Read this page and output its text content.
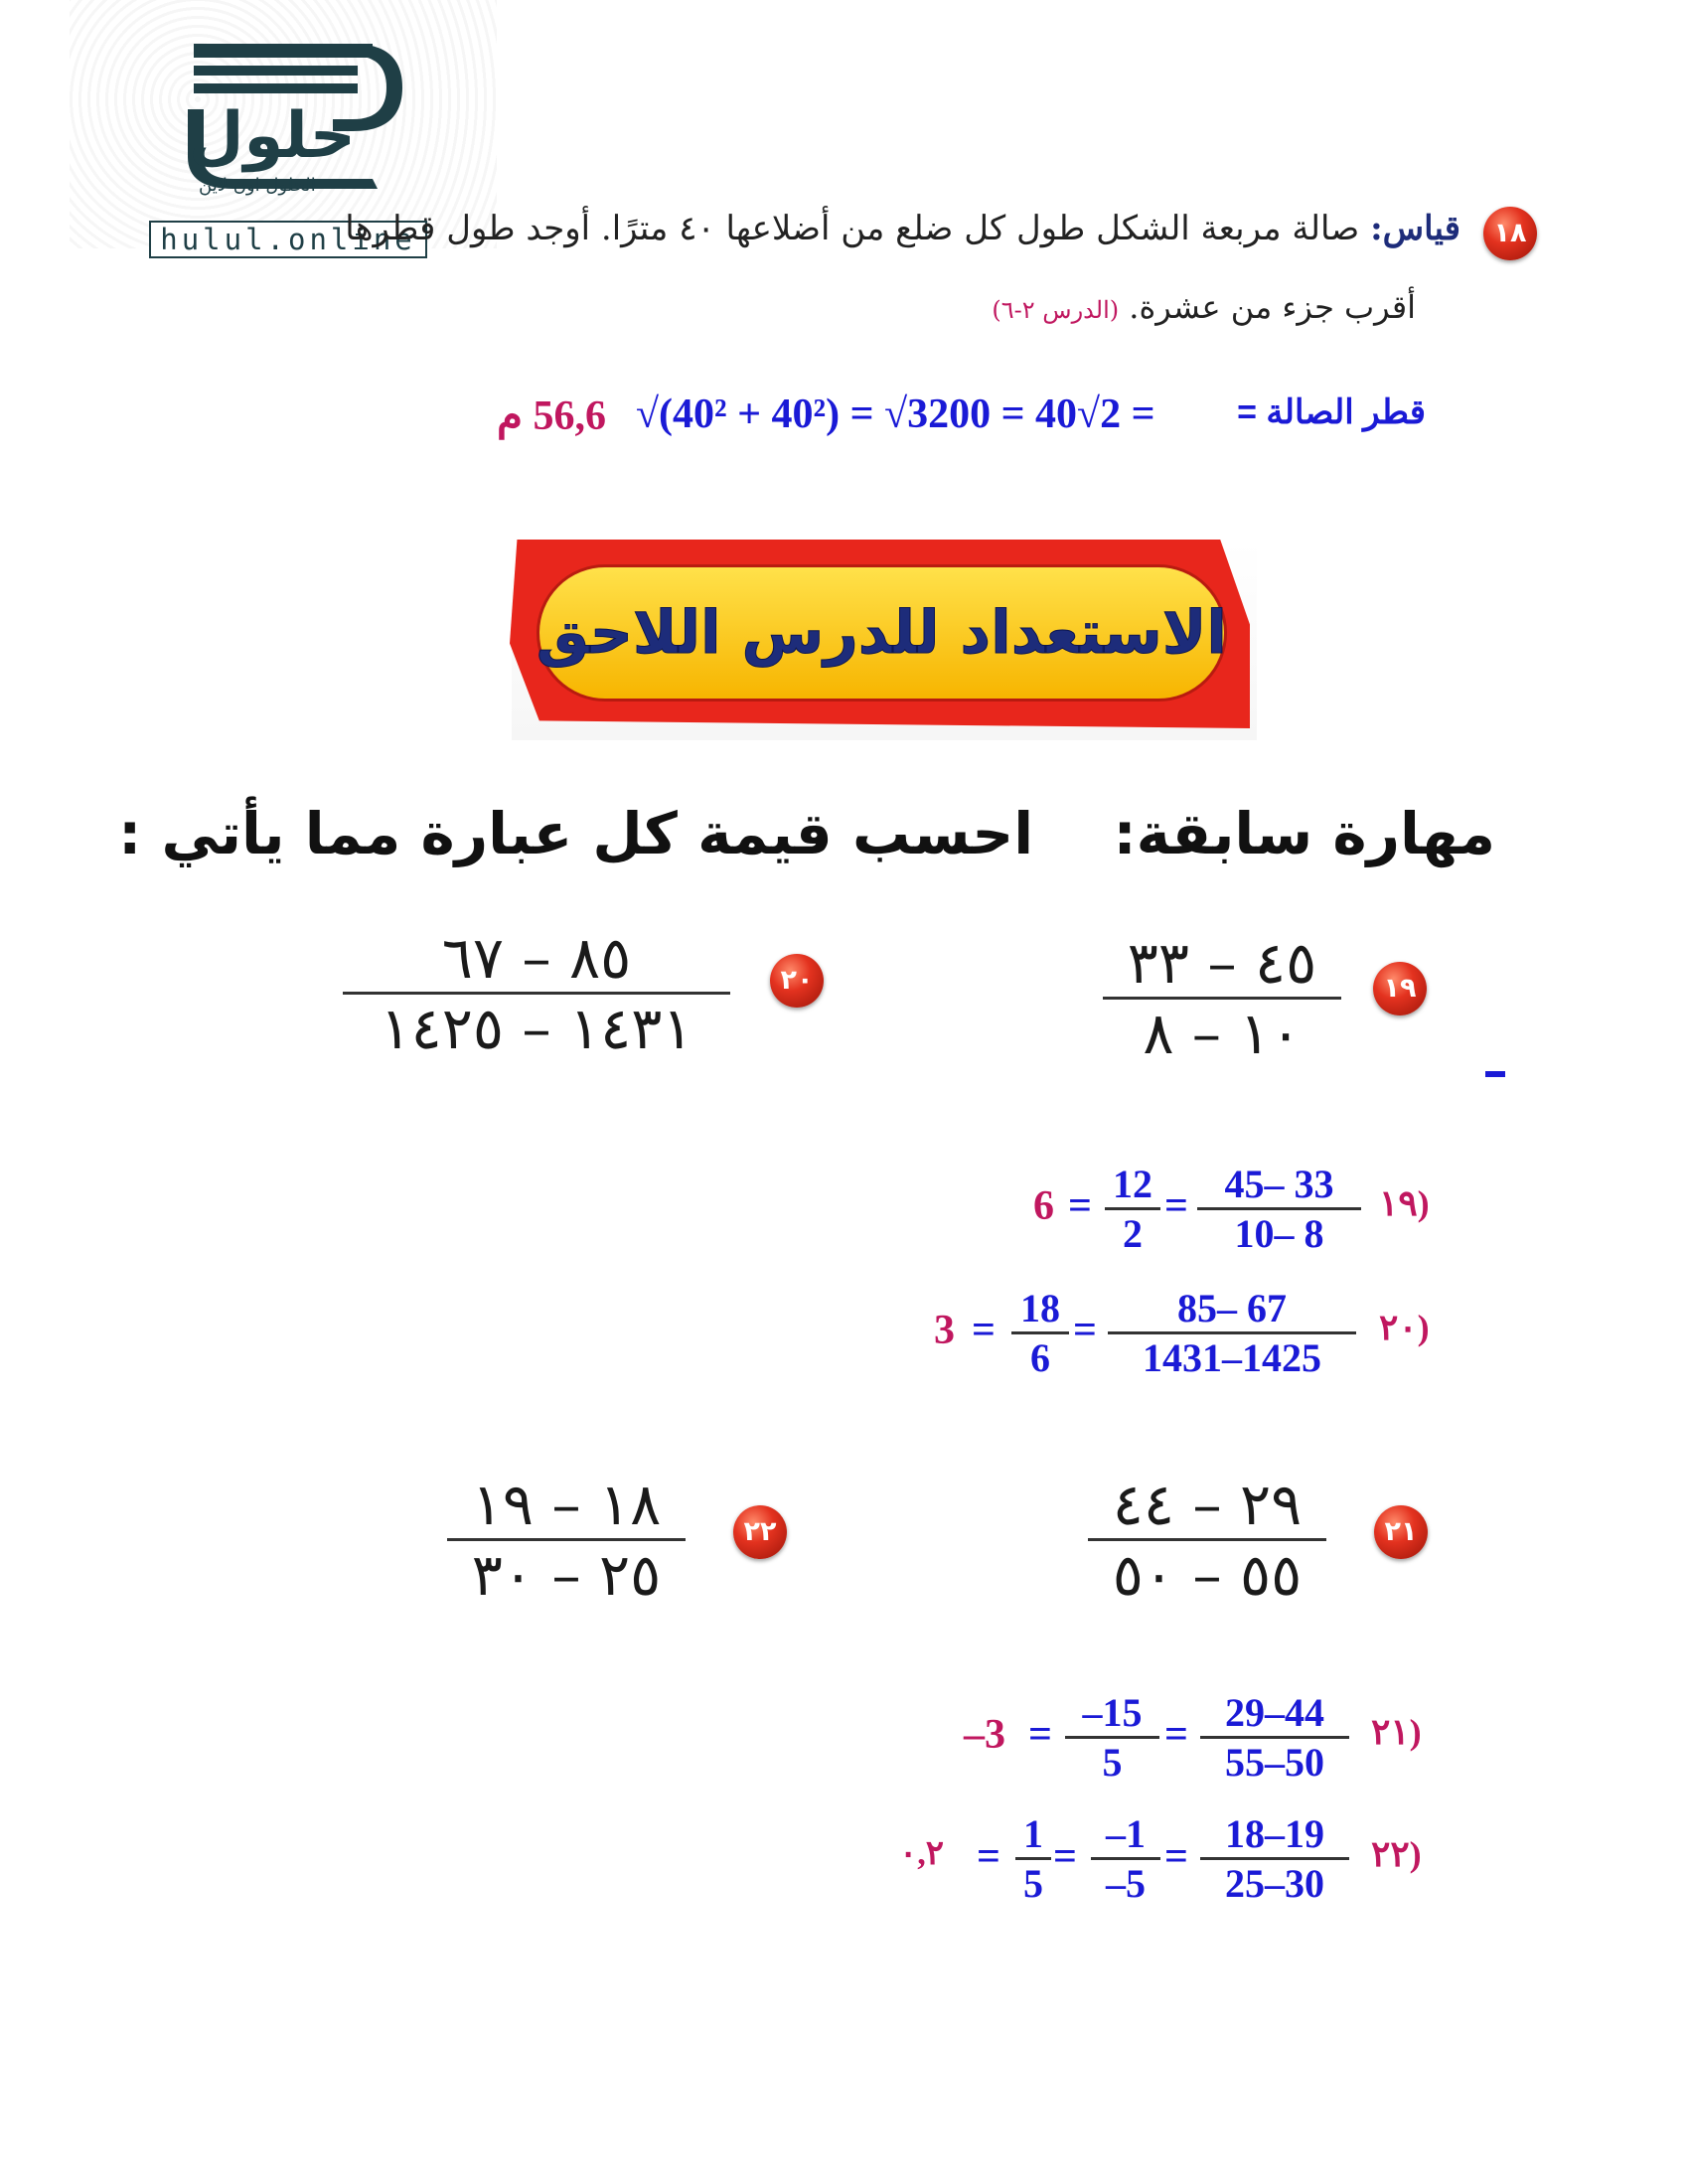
حلول
الحلول اون لاين
hulul.online	١٨
قياس: صالة مربعة الشكل طول كل ضلع من أضلاعها ٤٠ مترًا. أوجد طول قطرها
أقرب جزء من عشرة. (الدرس ٢-٦)
قطر الصالة =
√(40² + 40²) = √3200 = 40√2 =
56,6 م
الاستعداد للدرس اللاحق
مهارة سابقة:  احسب قيمة كل عبارة مما يأتي :
١٩
٤٥ – ٣٣
١٠ – ٨
٢٠
٨٥ – ٦٧
١٤٣١ – ١٤٢٥
٢١
٢٩ – ٤٤
٥٥ – ٥٠
٢٢
١٨ – ١٩
٢٥ – ٣٠
١٩)
45– 33
10– 8
=
12
2
=
6
٢٠)
85– 67
1431–1425
=
18
6
=
3
٢١)
29–44
55–50
=
–15
5
=
–3
٢٢)
18–19
25–30
=
–1
–5
=
1
5
=
٠,٢
